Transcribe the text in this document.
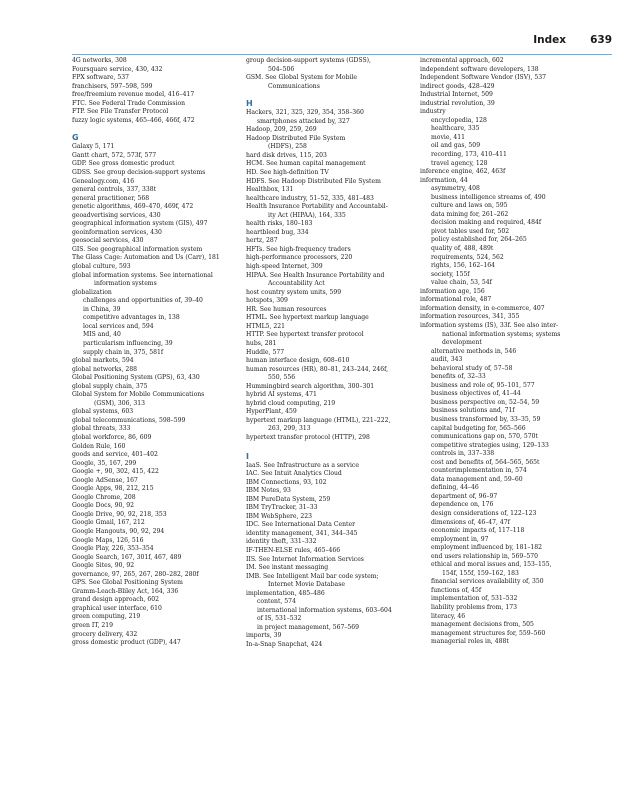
Index 639
4G networks, 308
Foursquare service, 430, 432
FPX software, 537
franchisers, 597–598, 599
free/freemium revenue model, 416–417
FTC. See Federal Trade Commission
FTP. See File Transfer Protocol
fuzzy logic systems, 465–466, 466f, 472
G
Galaxy 5, 171
Gantt chart, 572, 573f, 577
GDP. See gross domestic product
GDSS. See group decision-support systems
Genealogy.com, 416
general controls, 337, 338t
general practitioner, 568
genetic algorithms, 469–470, 469f, 472
geoadvertising services, 430
geographical information system (GIS), 497
geoinformation services, 430
geosocial services, 430
GIS. See geographical information system
The Glass Cage: Automation and Us (Carr), 181
global culture, 593
global information systems. See international
information systems
globalization
challenges and opportunities of, 39–40
in China, 39
competitive advantages in, 138
local services and, 594
MIS and, 40
particularism influencing, 39
supply chain in, 375, 581f
global markets, 594
global networks, 288
Global Positioning System (GPS), 63, 430
global supply chain, 375
Global System for Mobile Communications
(GSM), 306, 313
global systems, 603
global telecommunications, 598–599
global threats, 333
global workforce, 86, 609
Golden Rule, 160
goods and service, 401–402
Google, 35, 167, 299
Google +, 90, 302, 415, 422
Google AdSense, 167
Google Apps, 98, 212, 215
Google Chrome, 208
Google Docs, 90, 92
Google Drive, 90, 92, 218, 353
Google Gmail, 167, 212
Google Hangouts, 90, 92, 294
Google Maps, 126, 516
Google Play, 226, 353–354
Google Search, 167, 301f, 467, 489
Google Sites, 90, 92
governance, 97, 265, 267, 280–282, 280f
GPS. See Global Positioning System
Gramm-Leach-Bliley Act, 164, 336
grand design approach, 602
graphical user interface, 610
green computing, 219
green IT, 219
grocery delivery, 432
gross domestic product (GDP), 447
group decision-support systems (GDSS),
504–506
GSM. See Global System for Mobile
Communications
H
Hackers, 321, 325, 329, 354, 358–360
smartphones attacked by, 327
Hadoop, 209, 259, 269
Hadoop Distributed File System
(HDFS), 258
hard disk drives, 115, 203
HCM. See human capital management
HD. See high-definition TV
HDFS. See Hadoop Distributed File System
Healthbox, 131
healthcare industry, 51–52, 335, 481–483
Health Insurance Portability and Accountabil-
ity Act (HIPAA), 164, 335
health risks, 180–183
heartbleed bug, 334
hertz, 287
HFTs. See high-frequency traders
high-performance processors, 220
high-speed Internet, 309
HIPAA. See Health Insurance Portability and
Accountability Act
host country system units, 599
hotspots, 309
HR. See human resources
HTML. See hypertext markup language
HTML5, 221
HTTP. See hypertext transfer protocol
hubs, 281
Huddle, 577
human interface design, 608–610
human resources (HR), 80–81, 243–244, 246f,
550, 556
Hummingbird search algorithm, 300–301
hybrid AI systems, 471
hybrid cloud computing, 219
HyperPlant, 459
hypertext markup language (HTML), 221–222,
263, 299, 313
hypertext transfer protocol (HTTP), 298
I
IaaS. See Infrastructure as a service
IAC. See Intuit Analytics Cloud
IBM Connections, 93, 102
IBM Notes, 93
IBM PureData System, 259
IBM TryTracker, 31–33
IBM WebSphere, 223
IDC. See International Data Center
identity management, 341, 344–345
identity theft, 331–332
IF-THEN-ELSE rules, 465–466
IIS. See Internet Information Services
IM. See instant messaging
IMB. See Intelligent Mail bar code system;
Internet Movie Database
implementation, 485–486
content, 574
international information systems, 603–604
of IS, 531–532
in project management, 567–569
imports, 39
In-a-Snap Snapchat, 424
incremental approach, 602
independent software developers, 138
Independent Software Vendor (ISV), 537
indirect goods, 428–429
Industrial Internet, 509
industrial revolution, 39
industry
encyclopedia, 128
healthcare, 335
movie, 411
oil and gas, 509
recording, 173, 410–411
travel agency, 128
inference engine, 462, 463f
information, 44
asymmetry, 408
business intelligence streams of, 490
culture and laws on, 595
data mining for, 261–262
decision making and required, 484f
pivot tables used for, 502
policy established for, 264–265
quality of, 488, 489t
requirements, 524, 562
rights, 156, 162–164
society, 155f
value chain, 53, 54f
information age, 156
informational role, 487
information density, in e-commerce, 407
information resources, 341, 355
information systems (IS), 33f. See also inter-
national information systems; systems
development
alternative methods in, 546
audit, 343
behavioral study of, 57–58
benefits of, 32–33
business and role of, 95–101, 577
business objectives of, 41–44
business perspective on, 52–54, 59
business solutions and, 71f
business transformed by, 33–35, 59
capital budgeting for, 565–566
communications gap on, 570, 570t
competitive strategies using, 129–133
controls in, 337–338
cost and benefits of, 564–565, 565t
counterimplementation in, 574
data management and, 59–60
defining, 44–46
department of, 96–97
dependence on, 176
design considerations of, 122–123
dimensions of, 46–47, 47f
economic impacts of, 117–118
employment in, 97
employment influenced by, 181–182
end users relationship in, 569–570
ethical and moral issues and, 153–155,
154f, 155f, 159–162, 183
financial services availability of, 350
functions of, 45f
implementation of, 531–532
liability problems from, 173
literacy, 46
management decisions from, 505
management structures for, 559–560
managerial roles in, 488t
